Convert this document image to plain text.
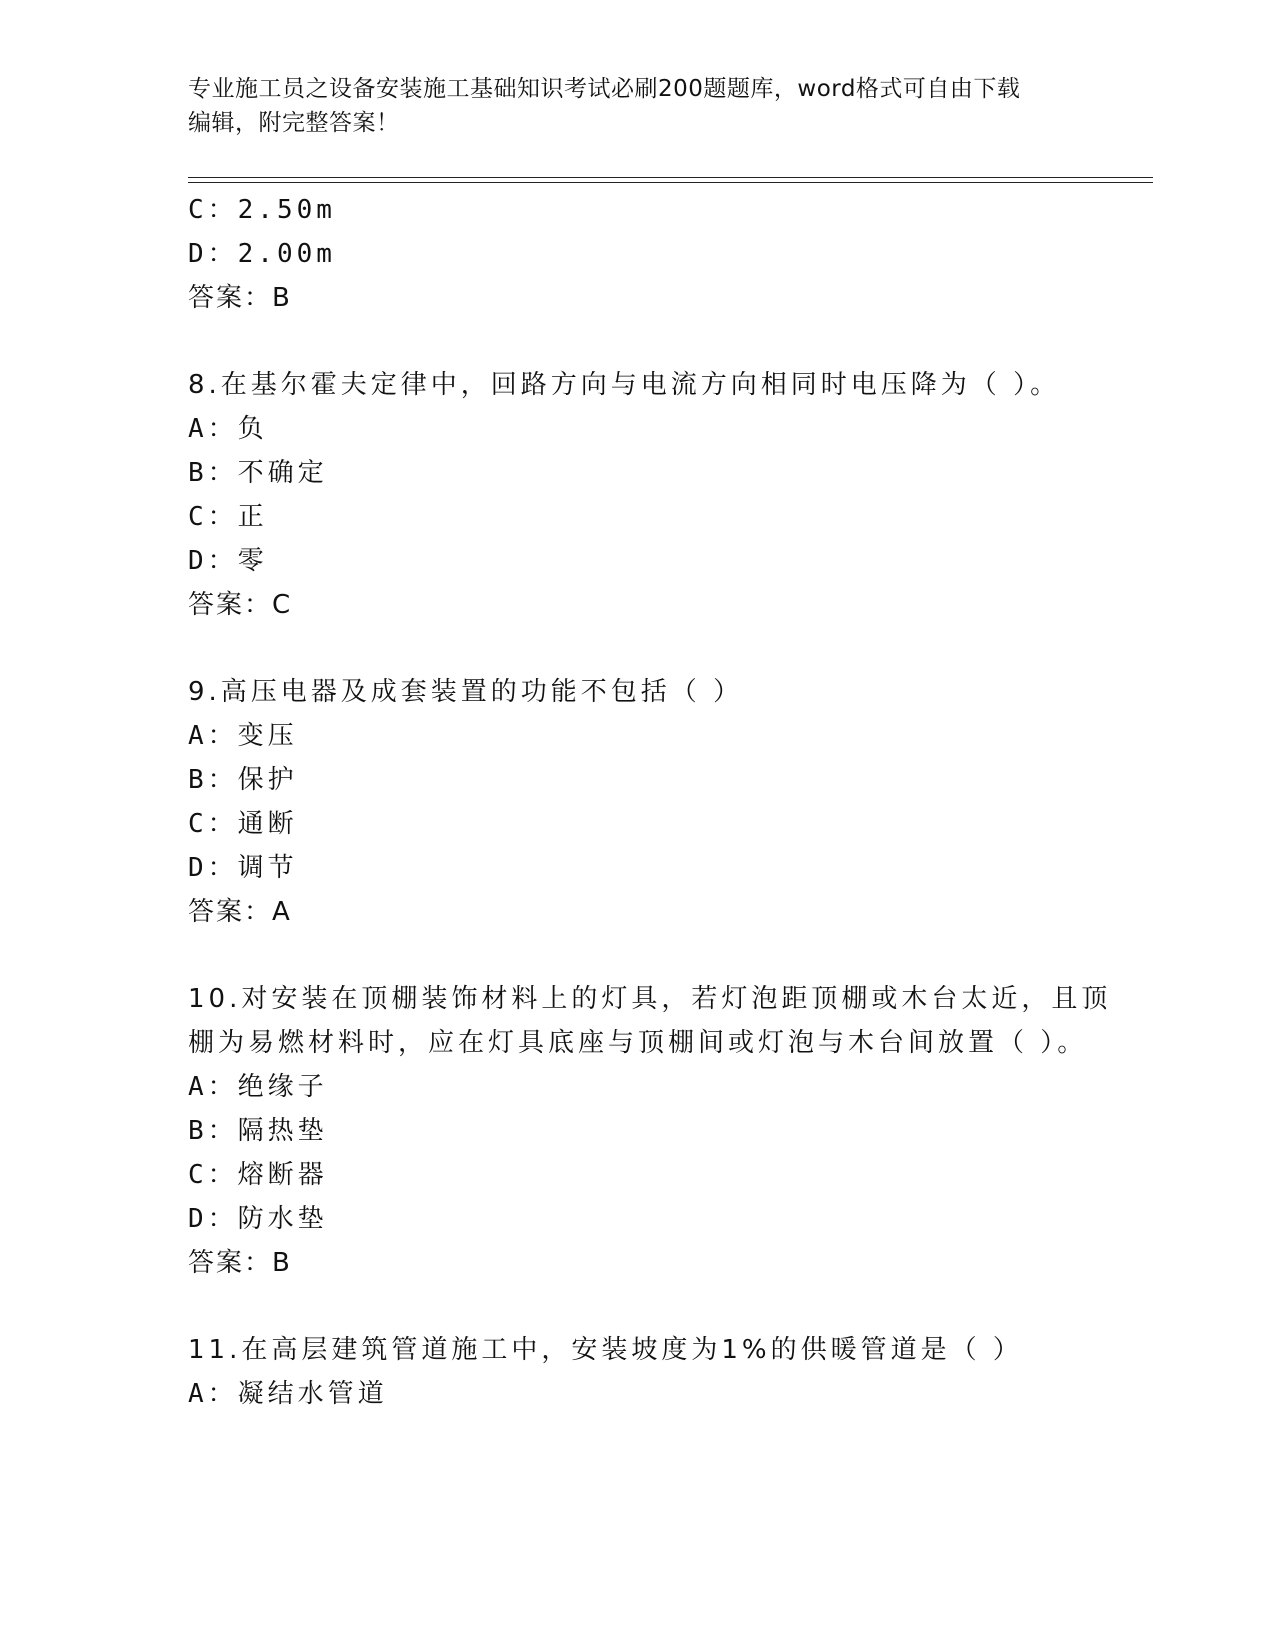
专业施工员之设备安装施工基础知识考试必刷200题题库，word格式可自由下载
编辑，附完整答案！
C：2.50m
D：2.00m
答案：B
8.在基尔霍夫定律中，回路方向与电流方向相同时电压降为（ ）。
A：负
B：不确定
C：正
D：零
答案：C
9.高压电器及成套装置的功能不包括（ ）
A：变压
B：保护
C：通断
D：调节
答案：A
10.对安装在顶棚装饰材料上的灯具，若灯泡距顶棚或木台太近，且顶
棚为易燃材料时，应在灯具底座与顶棚间或灯泡与木台间放置（ ）。
A：绝缘子
B：隔热垫
C：熔断器
D：防水垫
答案：B
11.在高层建筑管道施工中，安装坡度为1%的供暖管道是（ ）
A：凝结水管道
